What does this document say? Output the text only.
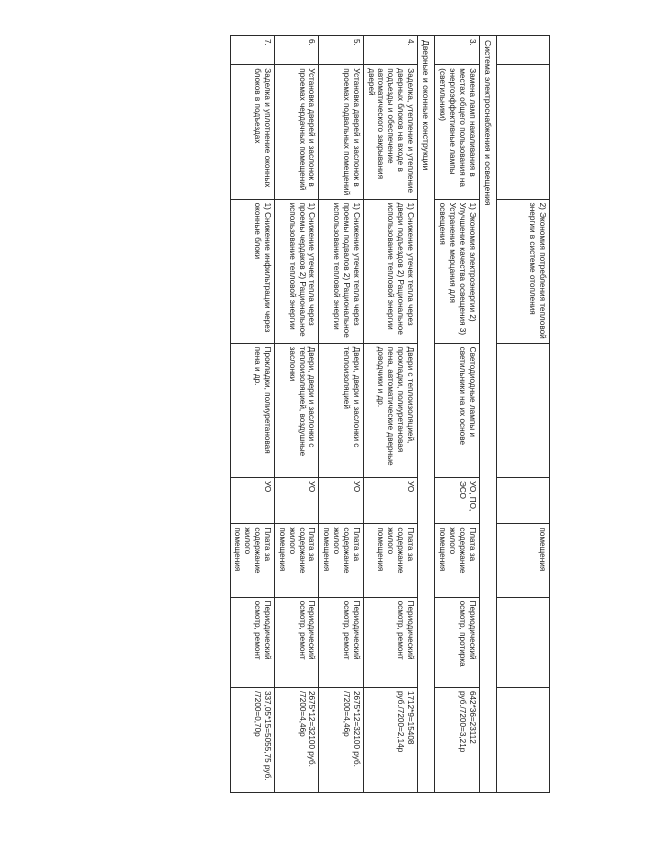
		2) Экономия потребления тепловой энергии в системе отопления			помещения		
Система электроснабжения и освещения							
3.	Замена ламп накаливания в местах общего пользования на энергоэффективные лампы (светильники)	1) Экономия электроэнергии 2) Улучшение качества освещения 3) Устранение мерцания для освещения	Светодиодные лампы и светильники на их основе	УО, ПО, ЭСО	Плата за содержание жилого помещения	Периодический осмотр, протирка	642*36=23112 руб./7200=3,21р
Дверные и оконные конструкции							
4.	Заделка, утепление и утепление дверных блоков на входе в подъезды и обеспечение автоматического закрывания дверей	1) Снижение утечек тепла через двери подъездов 2) Рациональное использование тепловой энергии	Двери с теплоизоляцией, прокладки, полиуретановая пена, автоматические дверные доводчики и др.	УО	Плата за содержание жилого помещения	Периодический осмотр, ремонт	1712*9=15408 руб./7200=2,14р
5.	Установка дверей и заслонок в проемах подвальных помещений	1) Снижение утечек тепла через проемы подвалов 2) Рациональное использование тепловой энергии	Двери, двери и заслонки с теплоизоляцией	УО	Плата за содержание жилого помещения	Периодический осмотр, ремонт	2675*12=32100 руб. /7200=4,46р
6.	Установка дверей и заслонок в проемах чердачных помещений	1) Снижение утечек тепла через проемы чердаков 2) Рациональное использование тепловой энергии	Двери, двери и заслонки с теплоизоляцией, воздушные заслонки	УО	Плата за содержание жилого помещения	Периодический осмотр, ремонт	2675*12=32100 руб. /7200=4,46р
7.	Заделка и уплотнение оконных блоков в подъездах	1) Снижение инфильтрации через оконные блоки	Прокладки, полиуретановая пена и др.	УО	Плата за содержание жилого помещения	Периодический осмотр, ремонт	337,05*15=5055,75 руб. /7200=0,70р
